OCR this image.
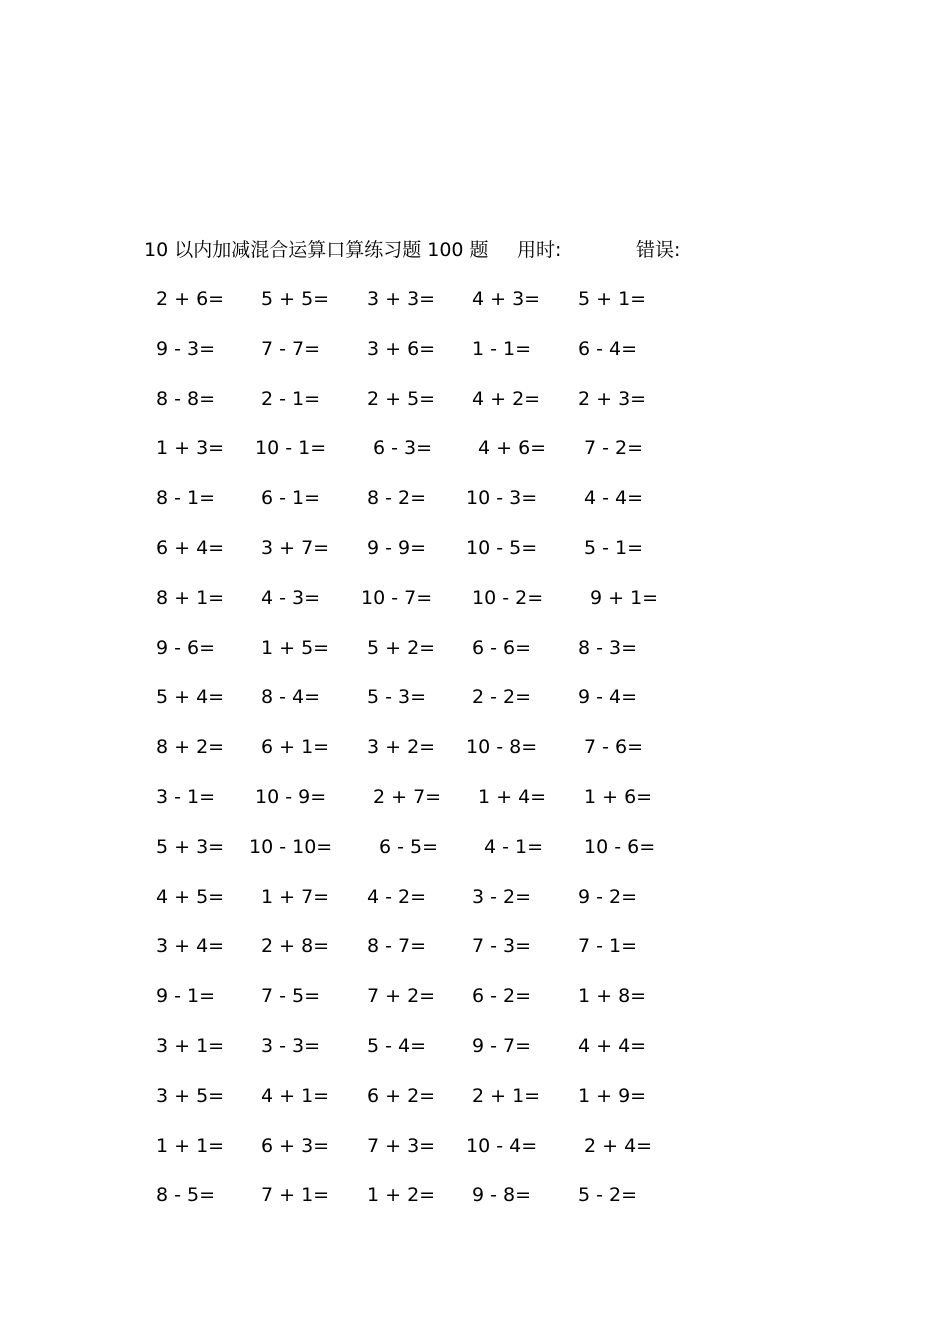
10 以内加减混合运算口算练习题 100 题 用时:	错误:
2 + 6= 5 + 5= 3 + 3= 4 + 3= 5 + 1=
9 - 3= 7 - 7= 3 + 6= 1 - 1= 6 - 4=
8 - 8= 2 - 1= 2 + 5= 4 + 2= 2 + 3=
1 + 3= 10 - 1= 6 - 3= 4 + 6= 7 - 2=
8 - 1= 6 - 1= 8 - 2= 10 - 3= 4 - 4=
6 + 4= 3 + 7= 9 - 9= 10 - 5= 5 - 1=
8 + 1= 4 - 3= 10 - 7= 10 - 2= 9 + 1=
9 - 6= 1 + 5= 5 + 2= 6 - 6= 8 - 3=
5 + 4= 8 - 4= 5 - 3= 2 - 2= 9 - 4=
8 + 2= 6 + 1= 3 + 2= 10 - 8= 7 - 6=
3 - 1= 10 - 9= 2 + 7= 1 + 4= 1 + 6=
5 + 3= 10 - 10= 6 - 5= 4 - 1= 10 - 6=
4 + 5= 1 + 7= 4 - 2= 3 - 2= 9 - 2=
3 + 4= 2 + 8= 8 - 7= 7 - 3= 7 - 1=
9 - 1= 7 - 5= 7 + 2= 6 - 2= 1 + 8=
3 + 1= 3 - 3= 5 - 4= 9 - 7= 4 + 4=
3 + 5= 4 + 1= 6 + 2= 2 + 1= 1 + 9=
1 + 1= 6 + 3= 7 + 3= 10 - 4= 2 + 4=
8 - 5= 7 + 1= 1 + 2= 9 - 8= 5 - 2=
